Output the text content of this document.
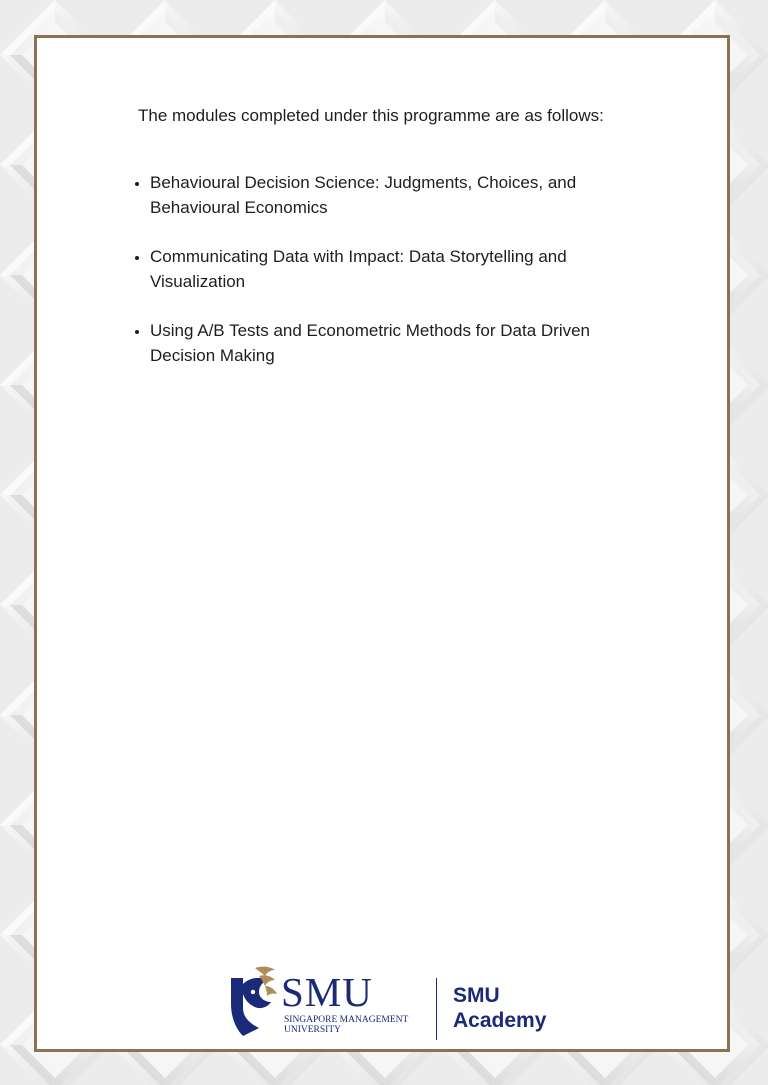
The modules completed under this programme are as follows:

• Behavioural Decision Science: Judgments, Choices, and Behavioural Economics
• Communicating Data with Impact: Data Storytelling and Visualization
• Using A/B Tests and Econometric Methods for Data Driven Decision Making
SMU
SINGAPORE MANAGEMENT
UNIVERSITY
SMU
Academy
